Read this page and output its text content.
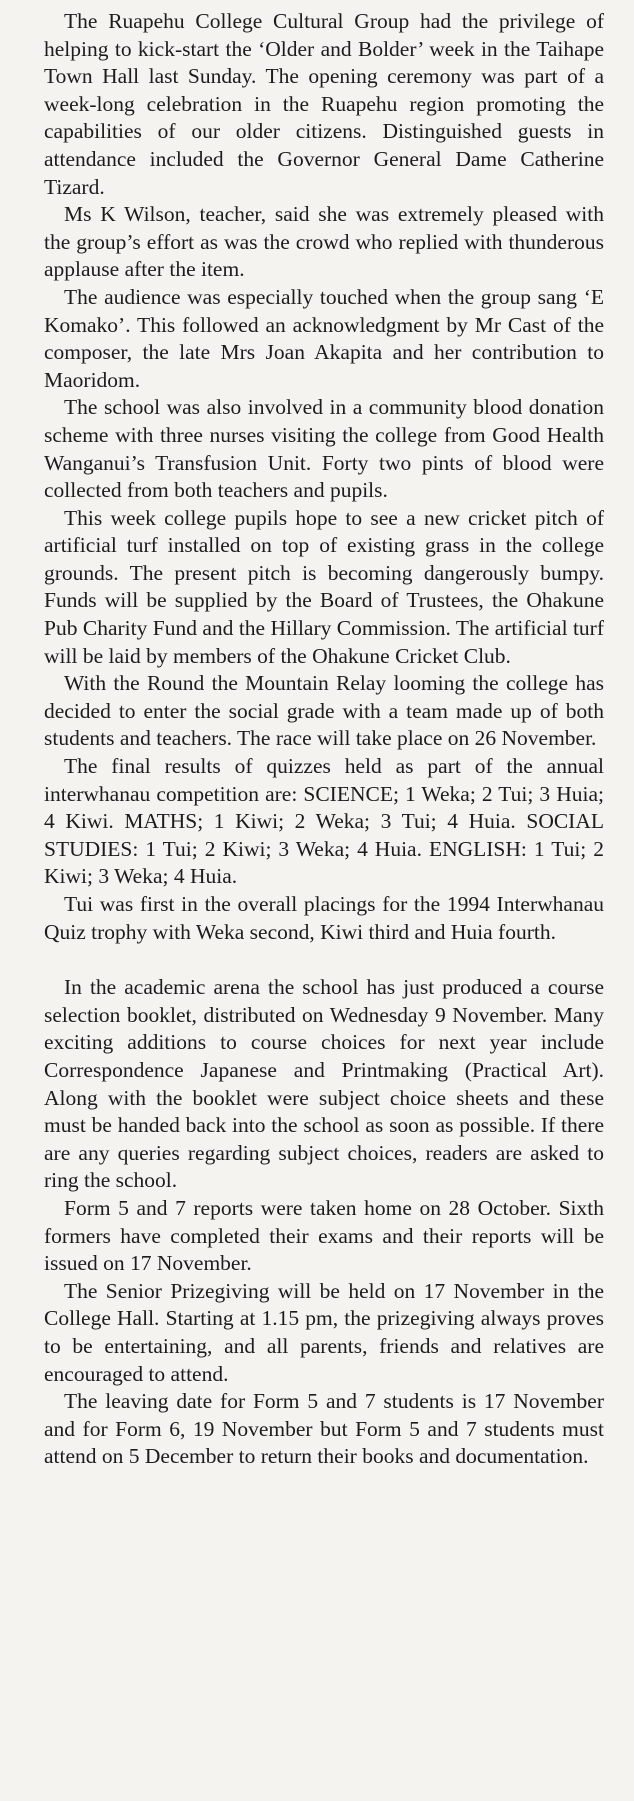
The Ruapehu College Cultural Group had the privilege of helping to kick-start the ‘Older and Bolder’ week in the Taihape Town Hall last Sunday. The opening ceremony was part of a week-long celebration in the Ruapehu region promoting the capabilities of our older citizens. Distinguished guests in attendance included the Governor General Dame Catherine Tizard.

Ms K Wilson, teacher, said she was extremely pleased with the group’s effort as was the crowd who replied with thunderous applause after the item.

The audience was especially touched when the group sang ‘E Komako’. This followed an acknowledgment by Mr Cast of the composer, the late Mrs Joan Akapita and her contribution to Maoridom.

The school was also involved in a community blood donation scheme with three nurses visiting the college from Good Health Wanganui’s Transfusion Unit. Forty two pints of blood were collected from both teachers and pupils.

This week college pupils hope to see a new cricket pitch of artificial turf installed on top of existing grass in the college grounds. The present pitch is becoming dangerously bumpy. Funds will be supplied by the Board of Trustees, the Ohakune Pub Charity Fund and the Hillary Commission. The artificial turf will be laid by members of the Ohakune Cricket Club.

With the Round the Mountain Relay looming the college has decided to enter the social grade with a team made up of both students and teachers. The race will take place on 26 November.

The final results of quizzes held as part of the annual interwhanau competition are: SCIENCE; 1 Weka; 2 Tui; 3 Huia; 4 Kiwi. MATHS; 1 Kiwi; 2 Weka; 3 Tui; 4 Huia. SOCIAL STUDIES: 1 Tui; 2 Kiwi; 3 Weka; 4 Huia. ENGLISH: 1 Tui; 2 Kiwi; 3 Weka; 4 Huia.

Tui was first in the overall placings for the 1994 Interwhanau Quiz trophy with Weka second, Kiwi third and Huia fourth.

In the academic arena the school has just produced a course selection booklet, distributed on Wednesday 9 November. Many exciting additions to course choices for next year include Correspondence Japanese and Printmaking (Practical Art). Along with the booklet were subject choice sheets and these must be handed back into the school as soon as possible. If there are any queries regarding subject choices, readers are asked to ring the school.

Form 5 and 7 reports were taken home on 28 October. Sixth formers have completed their exams and their reports will be issued on 17 November.

The Senior Prizegiving will be held on 17 November in the College Hall. Starting at 1.15 pm, the prizegiving always proves to be entertaining, and all parents, friends and relatives are encouraged to attend.

The leaving date for Form 5 and 7 students is 17 November and for Form 6, 19 November but Form 5 and 7 students must attend on 5 December to return their books and documentation.
